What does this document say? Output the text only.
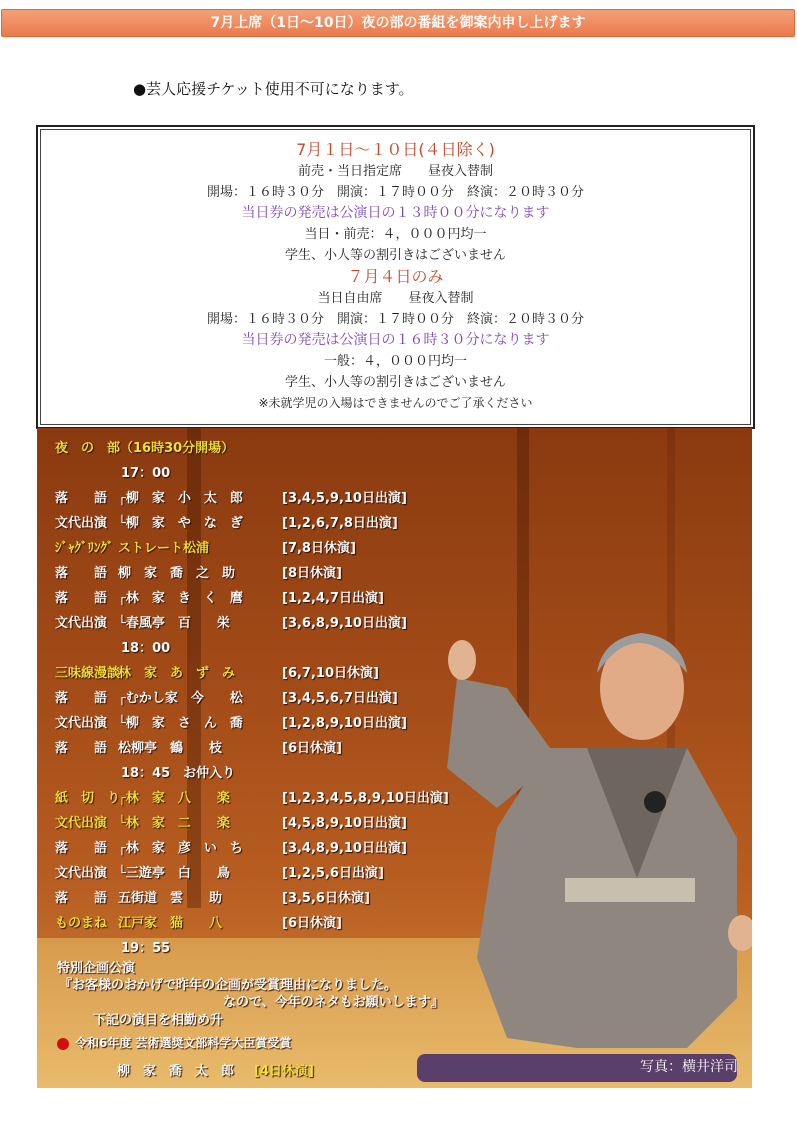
7月上席（1日～10日）夜の部の番組を御案内申し上げます
●芸人応援チケット使用不可になります。
7月１日～１０日(４日除く)
前売・当日指定席　　昼夜入替制
開場：１６時３０分　開演：１７時００分　終演：２０時３０分
当日券の発売は公演日の１３時００分になります
当日・前売：４，０００円均一
学生、小人等の割引きはございません
７月４日のみ
当日自由席　　昼夜入替制
開場：１６時３０分　開演：１７時００分　終演：２０時３０分
当日券の発売は公演日の１６時３０分になります
一般：４，０００円均一
学生、小人等の割引きはございません
※未就学児の入場はできませんのでご了承ください
夜　の　部（16時30分開場）
17：00
落　　語 ┌柳　家　小　太　郎	[3,4,5,9,10日出演]
文代出演 └柳　家　や　な　ぎ	[1,2,6,7,8日出演]
ｼﾞｬｸﾞﾘﾝｸﾞ ストレート松浦	[7,8日休演]
落　　語 柳　家　喬　之　助	[8日休演]
落　　語 ┌林　家　き　く　麿	[1,2,4,7日出演]
文代出演 └春風亭　百　　栄	[3,6,8,9,10日出演]
18：00
三味線漫談林　家　あ　ず　み	[6,7,10日休演]
落　　語 ┌むかし家　今　　松	[3,4,5,6,7日出演]
文代出演 └柳　家　さ　ん　喬	[1,2,8,9,10日出演]
落　　語 松柳亭　鶴　　枝	[6日休演]
18：45　お仲入り
紙　切　り┌林　家　八　　楽	[1,2,3,4,5,8,9,10日出演]
文代出演 └林　家　二　　楽	[4,5,8,9,10日出演]
落　　語 ┌林　家　彦　い　ち	[3,4,8,9,10日出演]
文代出演 └三遊亭　白　　鳥	[1,2,5,6日出演]
落　　語 五街道　雲　　助	[3,5,6日休演]
ものまね 江戸家　猫　　八	[6日休演]
19：55
特別企画公演
『お客様のおかげで昨年の企画が受賞理由になりました。
なので、今年のネタもお願いします』
下記の演目を相勤め升
令和6年度 芸術選奨文部科学大臣賞受賞
柳　家　喬　太　郎 [4日休演]	写真：横井洋司
